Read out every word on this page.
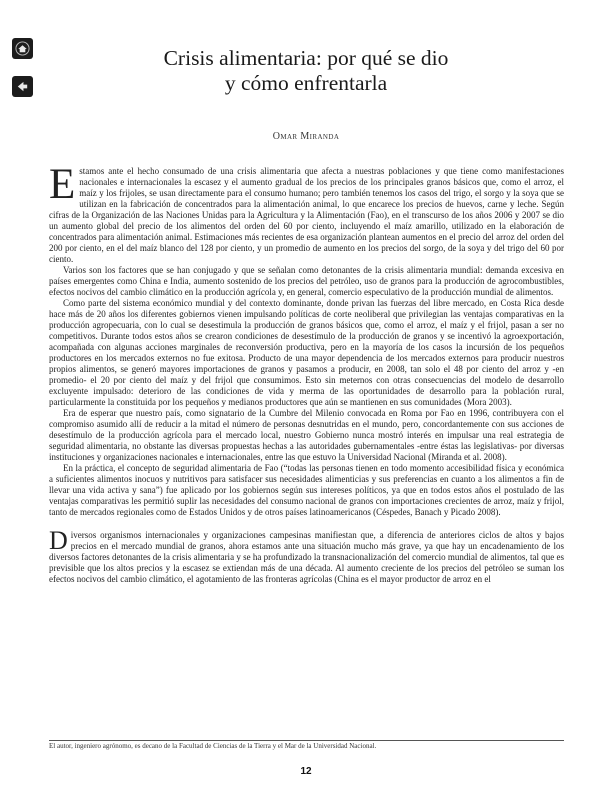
Crisis alimentaria: por qué se dio
y cómo enfrentarla
Omar Miranda

Estamos ante el hecho consumado de una crisis alimentaria que afecta a nuestras poblaciones y que tiene como manifestaciones nacionales e internacionales la escasez y el aumento gradual de los precios de los principales granos básicos que, como el arroz, el maíz y los frijoles, se usan directamente para el consumo humano; pero también tenemos los casos del trigo, el sorgo y la soya que se utilizan en la fabricación de concentrados para la alimentación animal, lo que encarece los precios de huevos, carne y leche. Según cifras de la Organización de las Naciones Unidas para la Agricultura y la Alimentación (Fao), en el transcurso de los años 2006 y 2007 se dio un aumento global del precio de los alimentos del orden del 60 por ciento, incluyendo el maíz amarillo, utilizado en la elaboración de concentrados para alimentación animal. Estimaciones más recientes de esa organización plantean aumentos en el precio del arroz del orden del 200 por ciento, en el del maíz blanco del 128 por ciento, y un promedio de aumento en los precios del sorgo, de la soya y del trigo del 60 por ciento.

Varios son los factores que se han conjugado y que se señalan como detonantes de la crisis alimentaria mundial: demanda excesiva en países emergentes como China e India, aumento sostenido de los precios del petróleo, uso de granos para la producción de agrocombustibles, efectos nocivos del cambio climático en la producción agrícola y, en general, comercio especulativo de la producción mundial de alimentos.

Como parte del sistema económico mundial y del contexto dominante, donde privan las fuerzas del libre mercado, en Costa Rica desde hace más de 20 años los diferentes gobiernos vienen impulsando políticas de corte neoliberal que privilegian las ventajas comparativas en la producción agropecuaria, con lo cual se desestimula la producción de granos básicos que, como el arroz, el maíz y el frijol, pasan a ser no competitivos. Durante todos estos años se crearon condiciones de desestímulo de la producción de granos y se incentivó la agroexportación, acompañada con algunas acciones marginales de reconversión productiva, pero en la mayoría de los casos la incursión de los pequeños productores en los mercados externos no fue exitosa. Producto de una mayor dependencia de los mercados externos para producir nuestros propios alimentos, se generó mayores importaciones de granos y pasamos a producir, en 2008, tan solo el 48 por ciento del arroz y -en promedio- el 20 por ciento del maíz y del frijol que consumimos. Esto sin meternos con otras consecuencias del modelo de desarrollo excluyente impulsado: deterioro de las condiciones de vida y merma de las oportunidades de desarrollo para la población rural, particularmente la constituida por los pequeños y medianos productores que aún se mantienen en sus comunidades (Mora 2003).

Era de esperar que nuestro país, como signatario de la Cumbre del Milenio convocada en Roma por Fao en 1996, contribuyera con el compromiso asumido allí de reducir a la mitad el número de personas desnutridas en el mundo, pero, concordantemente con sus acciones de desestímulo de la producción agrícola para el mercado local, nuestro Gobierno nunca mostró interés en impulsar una real estrategia de seguridad alimentaria, no obstante las diversas propuestas hechas a las autoridades gubernamentales -entre éstas las legislativas- por diversas instituciones y organizaciones nacionales e internacionales, entre las que estuvo la Universidad Nacional (Miranda et al. 2008).

En la práctica, el concepto de seguridad alimentaria de Fao (“todas las personas tienen en todo momento accesibilidad física y económica a suficientes alimentos inocuos y nutritivos para satisfacer sus necesidades alimenticias y sus preferencias en cuanto a los alimentos a fin de llevar una vida activa y sana”) fue aplicado por los gobiernos según sus intereses políticos, ya que en todos estos años el postulado de las ventajas comparativas les permitió suplir las necesidades del consumo nacional de granos con importaciones crecientes de arroz, maíz y frijol, tanto de mercados regionales como de Estados Unidos y de otros países latinoamericanos (Céspedes, Banach y Picado 2008).

Diversos organismos internacionales y organizaciones campesinas manifiestan que, a diferencia de anteriores ciclos de altos y bajos precios en el mercado mundial de granos, ahora estamos ante una situación mucho más grave, ya que hay un encadenamiento de los diversos factores detonantes de la crisis alimentaria y se ha profundizado la transnacionalización del comercio mundial de alimentos, tal que es previsible que los altos precios y la escasez se extiendan más de una década. Al aumento creciente de los precios del petróleo se suman los efectos nocivos del cambio climático, el agotamiento de las fronteras agrícolas (China es el mayor productor de arroz en el

El autor, ingeniero agrónomo, es decano de la Facultad de Ciencias de la Tierra y el Mar de la Universidad Nacional.
12
